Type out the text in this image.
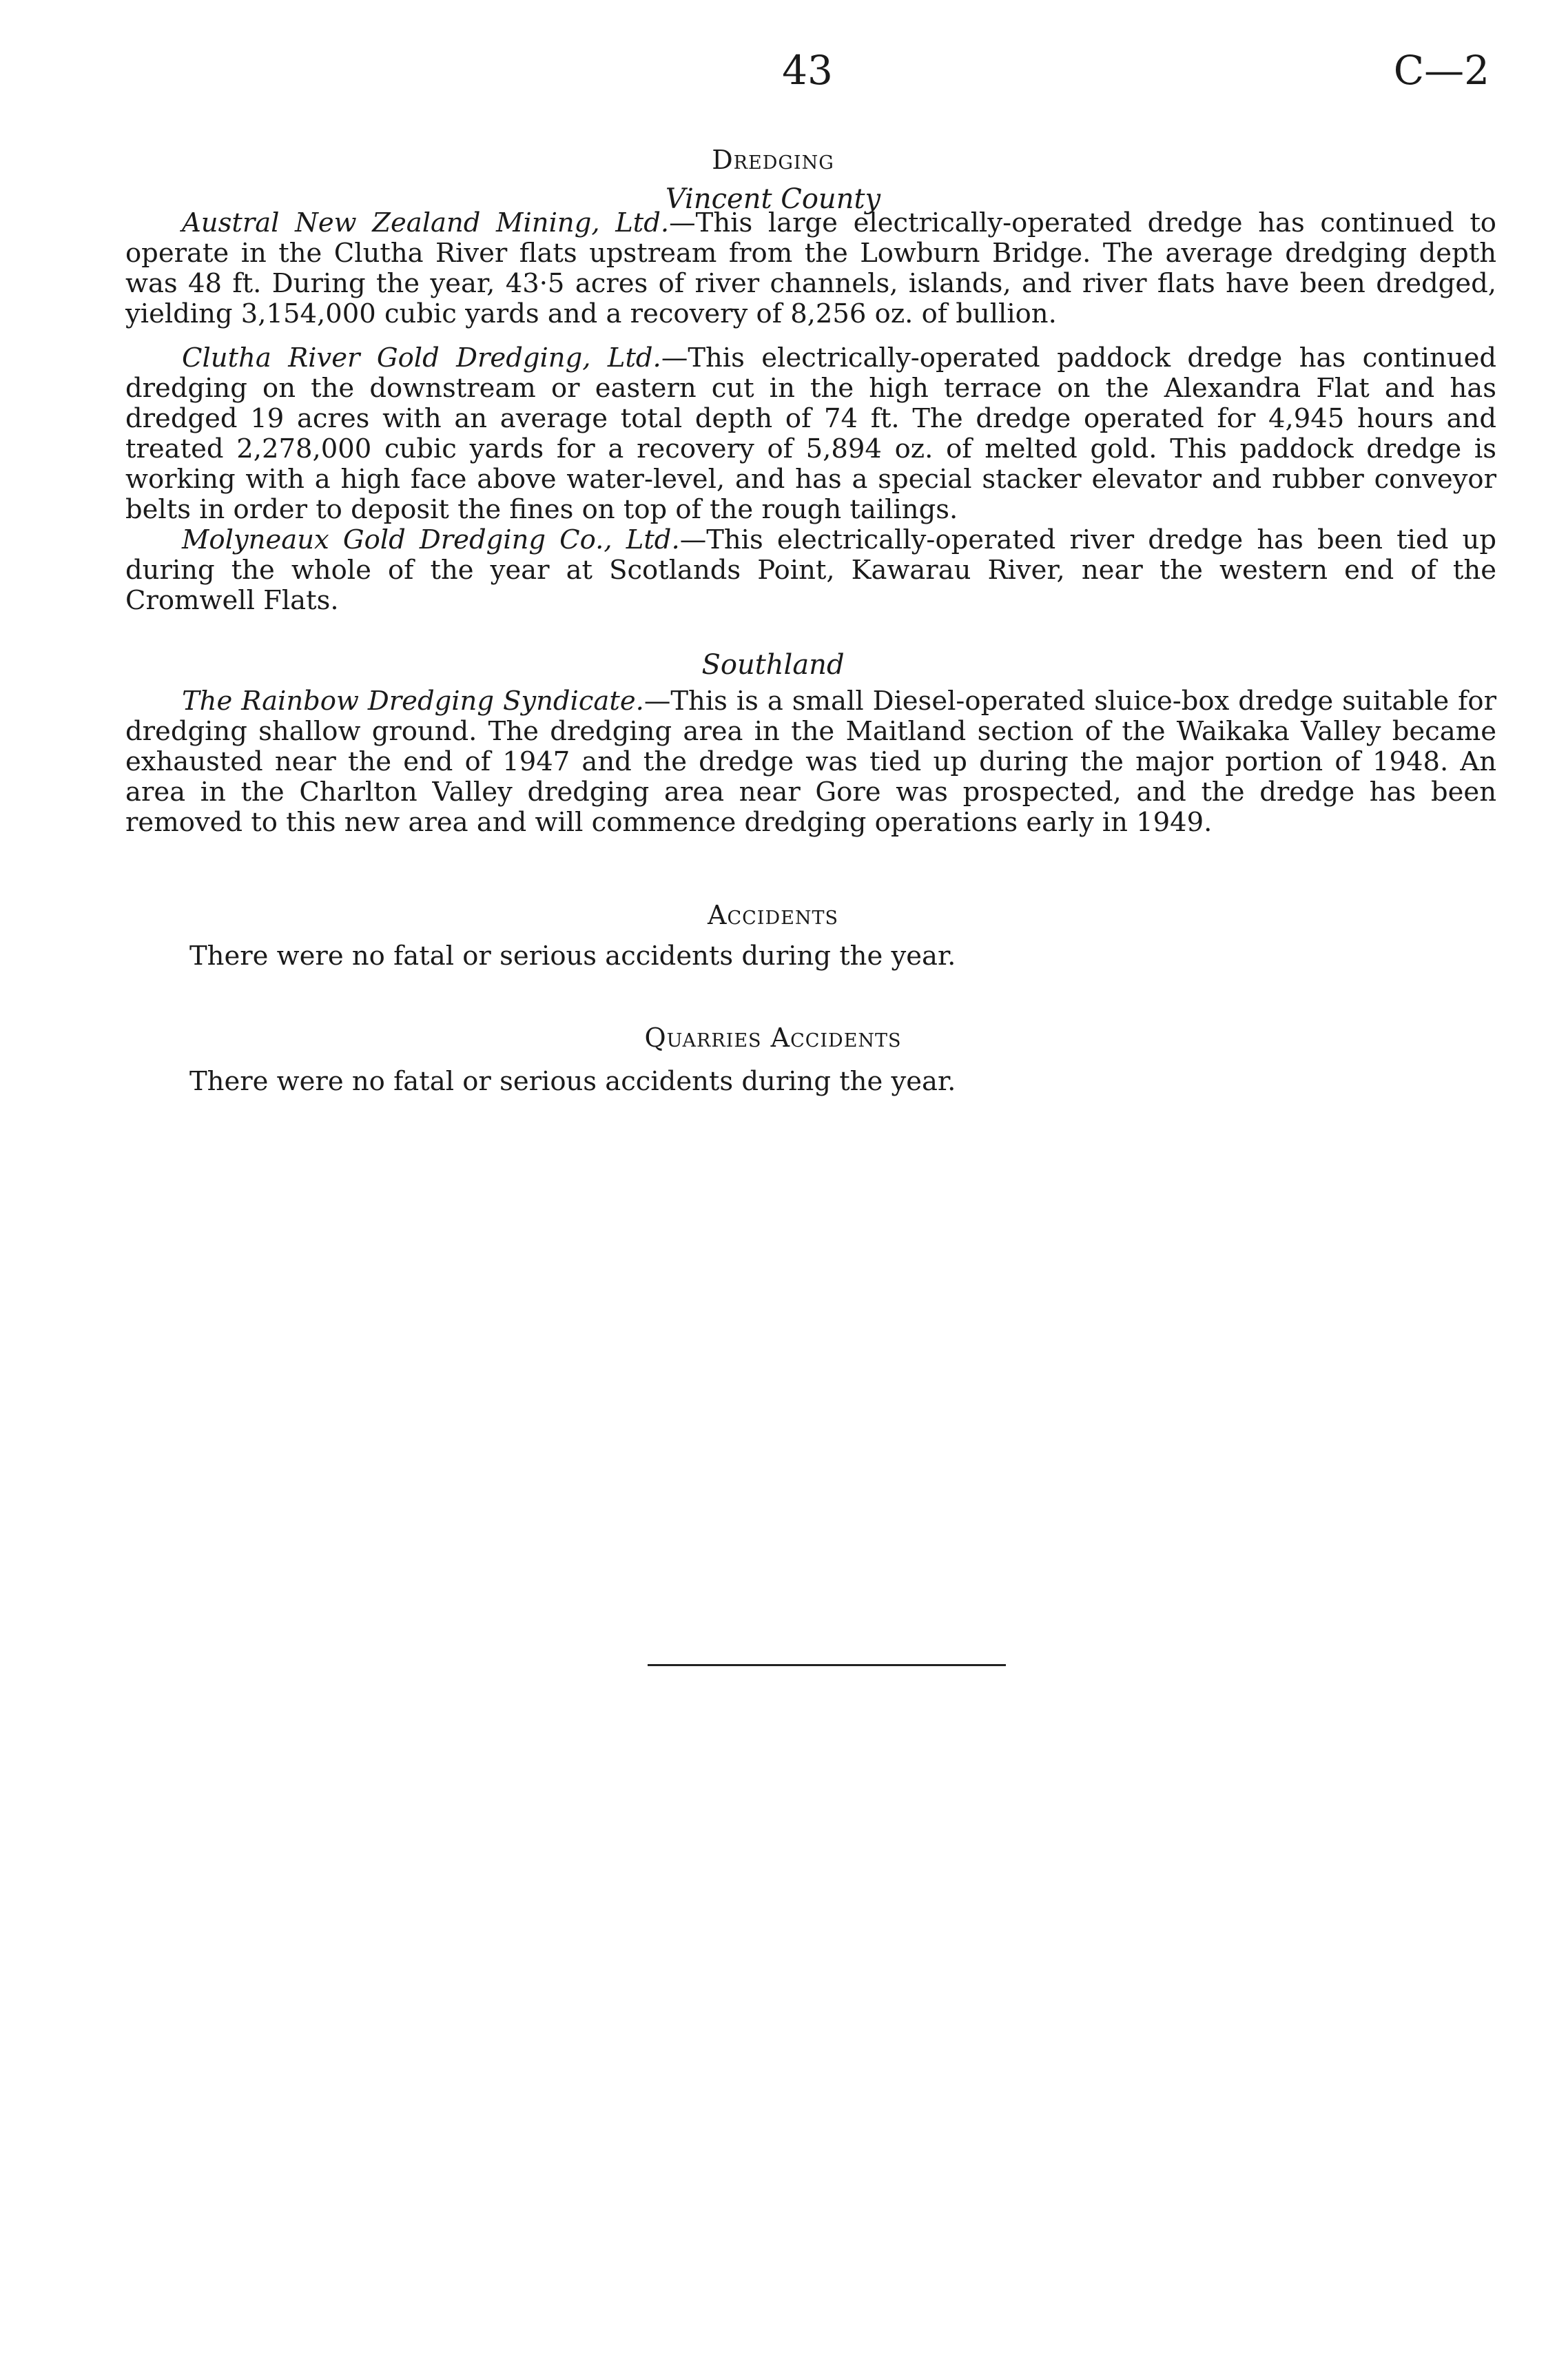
43	C—2
Dredging
Vincent County

Austral New Zealand Mining, Ltd.—This large electrically-operated dredge has continued to operate in the Clutha River flats upstream from the Lowburn Bridge. The average dredging depth was 48 ft. During the year, 43·5 acres of river channels, islands, and river flats have been dredged, yielding 3,154,000 cubic yards and a recovery of 8,256 oz. of bullion.

Clutha River Gold Dredging, Ltd.—This electrically-operated paddock dredge has continued dredging on the downstream or eastern cut in the high terrace on the Alexandra Flat and has dredged 19 acres with an average total depth of 74 ft. The dredge operated for 4,945 hours and treated 2,278,000 cubic yards for a recovery of 5,894 oz. of melted gold. This paddock dredge is working with a high face above water-level, and has a special stacker elevator and rubber conveyor belts in order to deposit the fines on top of the rough tailings.

Molyneaux Gold Dredging Co., Ltd.—This electrically-operated river dredge has been tied up during the whole of the year at Scotlands Point, Kawarau River, near the western end of the Cromwell Flats.

Southland

The Rainbow Dredging Syndicate.—This is a small Diesel-operated sluice-box dredge suitable for dredging shallow ground. The dredging area in the Maitland section of the Waikaka Valley became exhausted near the end of 1947 and the dredge was tied up during the major portion of 1948. An area in the Charlton Valley dredging area near Gore was prospected, and the dredge has been removed to this new area and will commence dredging operations early in 1949.

Accidents
There were no fatal or serious accidents during the year.
Quarries Accidents
There were no fatal or serious accidents during the year.
